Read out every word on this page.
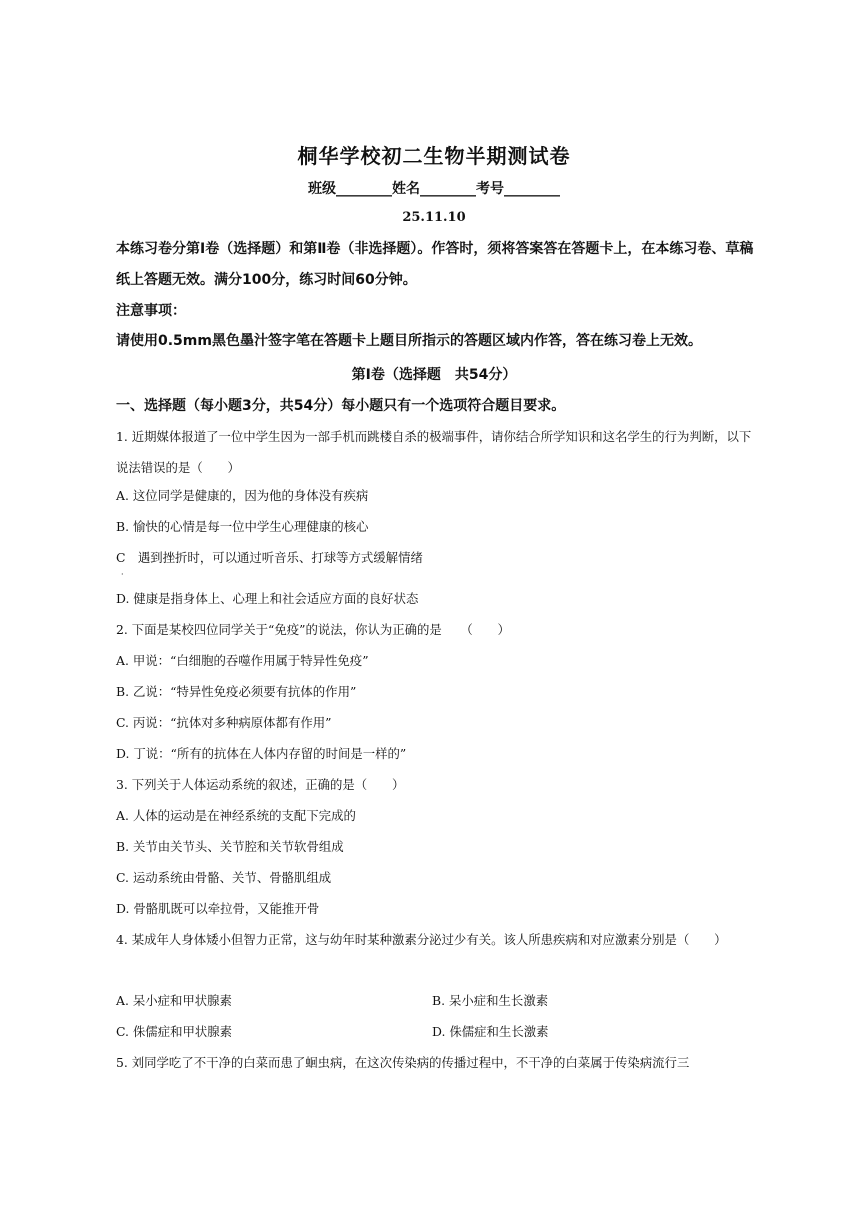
桐华学校初二生物半期测试卷
班级________姓名________考号________
25.11.10
本练习卷分第Ⅰ卷（选择题）和第Ⅱ卷（非选择题）。作答时，须将答案答在答题卡上，在本练习卷、草稿纸上答题无效。满分100分，练习时间60分钟。
注意事项：
请使用0.5mm黑色墨汁签字笔在答题卡上题目所指示的答题区域内作答，答在练习卷上无效。
第Ⅰ卷（选择题　共54分）
一、选择题（每小题3分，共54分）每小题只有一个选项符合题目要求。
1. 近期媒体报道了一位中学生因为一部手机而跳楼自杀的极端事件，请你结合所学知识和这名学生的行为判断，以下说法错误的是（　　）
A. 这位同学是健康的，因为他的身体没有疾病
B. 愉快的心情是每一位中学生心理健康的核心
C　遇到挫折时，可以通过听音乐、打球等方式缓解情绪
·
D. 健康是指身体上、心理上和社会适应方面的良好状态
2. 下面是某校四位同学关于“免疫”的说法，你认为正确的是　　（　　）
A. 甲说：“白细胞的吞噬作用属于特异性免疫”
B. 乙说：“特异性免疫必须要有抗体的作用”
C. 丙说：“抗体对多种病原体都有作用”
D. 丁说：“所有的抗体在人体内存留的时间是一样的”
3. 下列关于人体运动系统的叙述，正确的是（　　）
A. 人体的运动是在神经系统的支配下完成的
B. 关节由关节头、关节腔和关节软骨组成
C. 运动系统由骨骼、关节、骨骼肌组成
D. 骨骼肌既可以牵拉骨，又能推开骨
4. 某成年人身体矮小但智力正常，这与幼年时某种激素分泌过少有关。该人所患疾病和对应激素分别是（　　）
A. 呆小症和甲状腺素	B. 呆小症和生长激素
C. 侏儒症和甲状腺素	D. 侏儒症和生长激素
5. 刘同学吃了不干净的白菜而患了蛔虫病，在这次传染病的传播过程中，不干净的白菜属于传染病流行三
